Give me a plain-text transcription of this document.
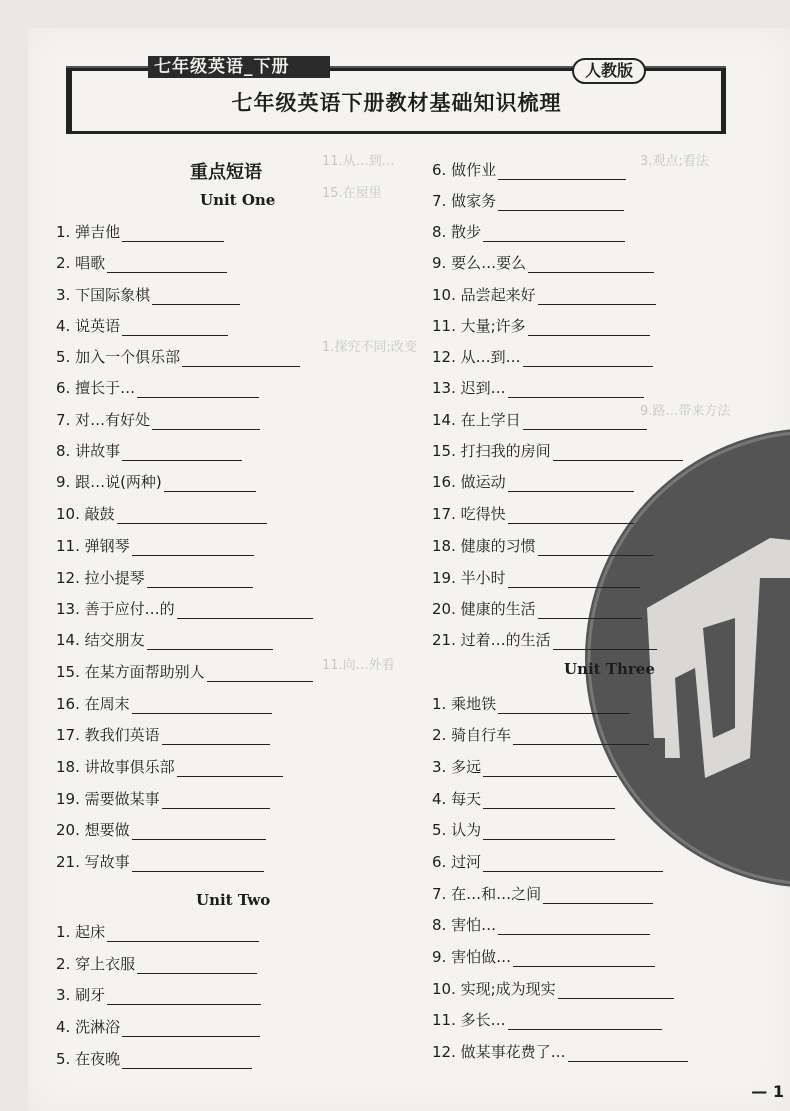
11.从…到…
15.在屋里
1.探究不同;改变
11.向…外看
3.观点;看法
9.路…带来方法
七年级英语下册教材基础知识梳理
七年级英语_下册	人教版
重点短语
Unit One
1. 弹吉他
2. 唱歌
3. 下国际象棋
4. 说英语
5. 加入一个俱乐部
6. 擅长于…
7. 对…有好处
8. 讲故事
9. 跟…说(两种)
10. 敲鼓
11. 弹钢琴
12. 拉小提琴
13. 善于应付…的
14. 结交朋友
15. 在某方面帮助别人
16. 在周末
17. 教我们英语
18. 讲故事俱乐部
19. 需要做某事
20. 想要做
21. 写故事
Unit Two
1. 起床
2. 穿上衣服
3. 刷牙
4. 洗淋浴
5. 在夜晚
6. 做作业
7. 做家务
8. 散步
9. 要么…要么
10. 品尝起来好
11. 大量;许多
12. 从…到…
13. 迟到…
14. 在上学日
15. 打扫我的房间
16. 做运动
17. 吃得快
18. 健康的习惯
19. 半小时
20. 健康的生活
21. 过着…的生活
Unit Three
1. 乘地铁
2. 骑自行车
3. 多远
4. 每天
5. 认为
6. 过河
7. 在…和…之间
8. 害怕…
9. 害怕做…
10. 实现;成为现实
11. 多长…
12. 做某事花费了…
— 1
